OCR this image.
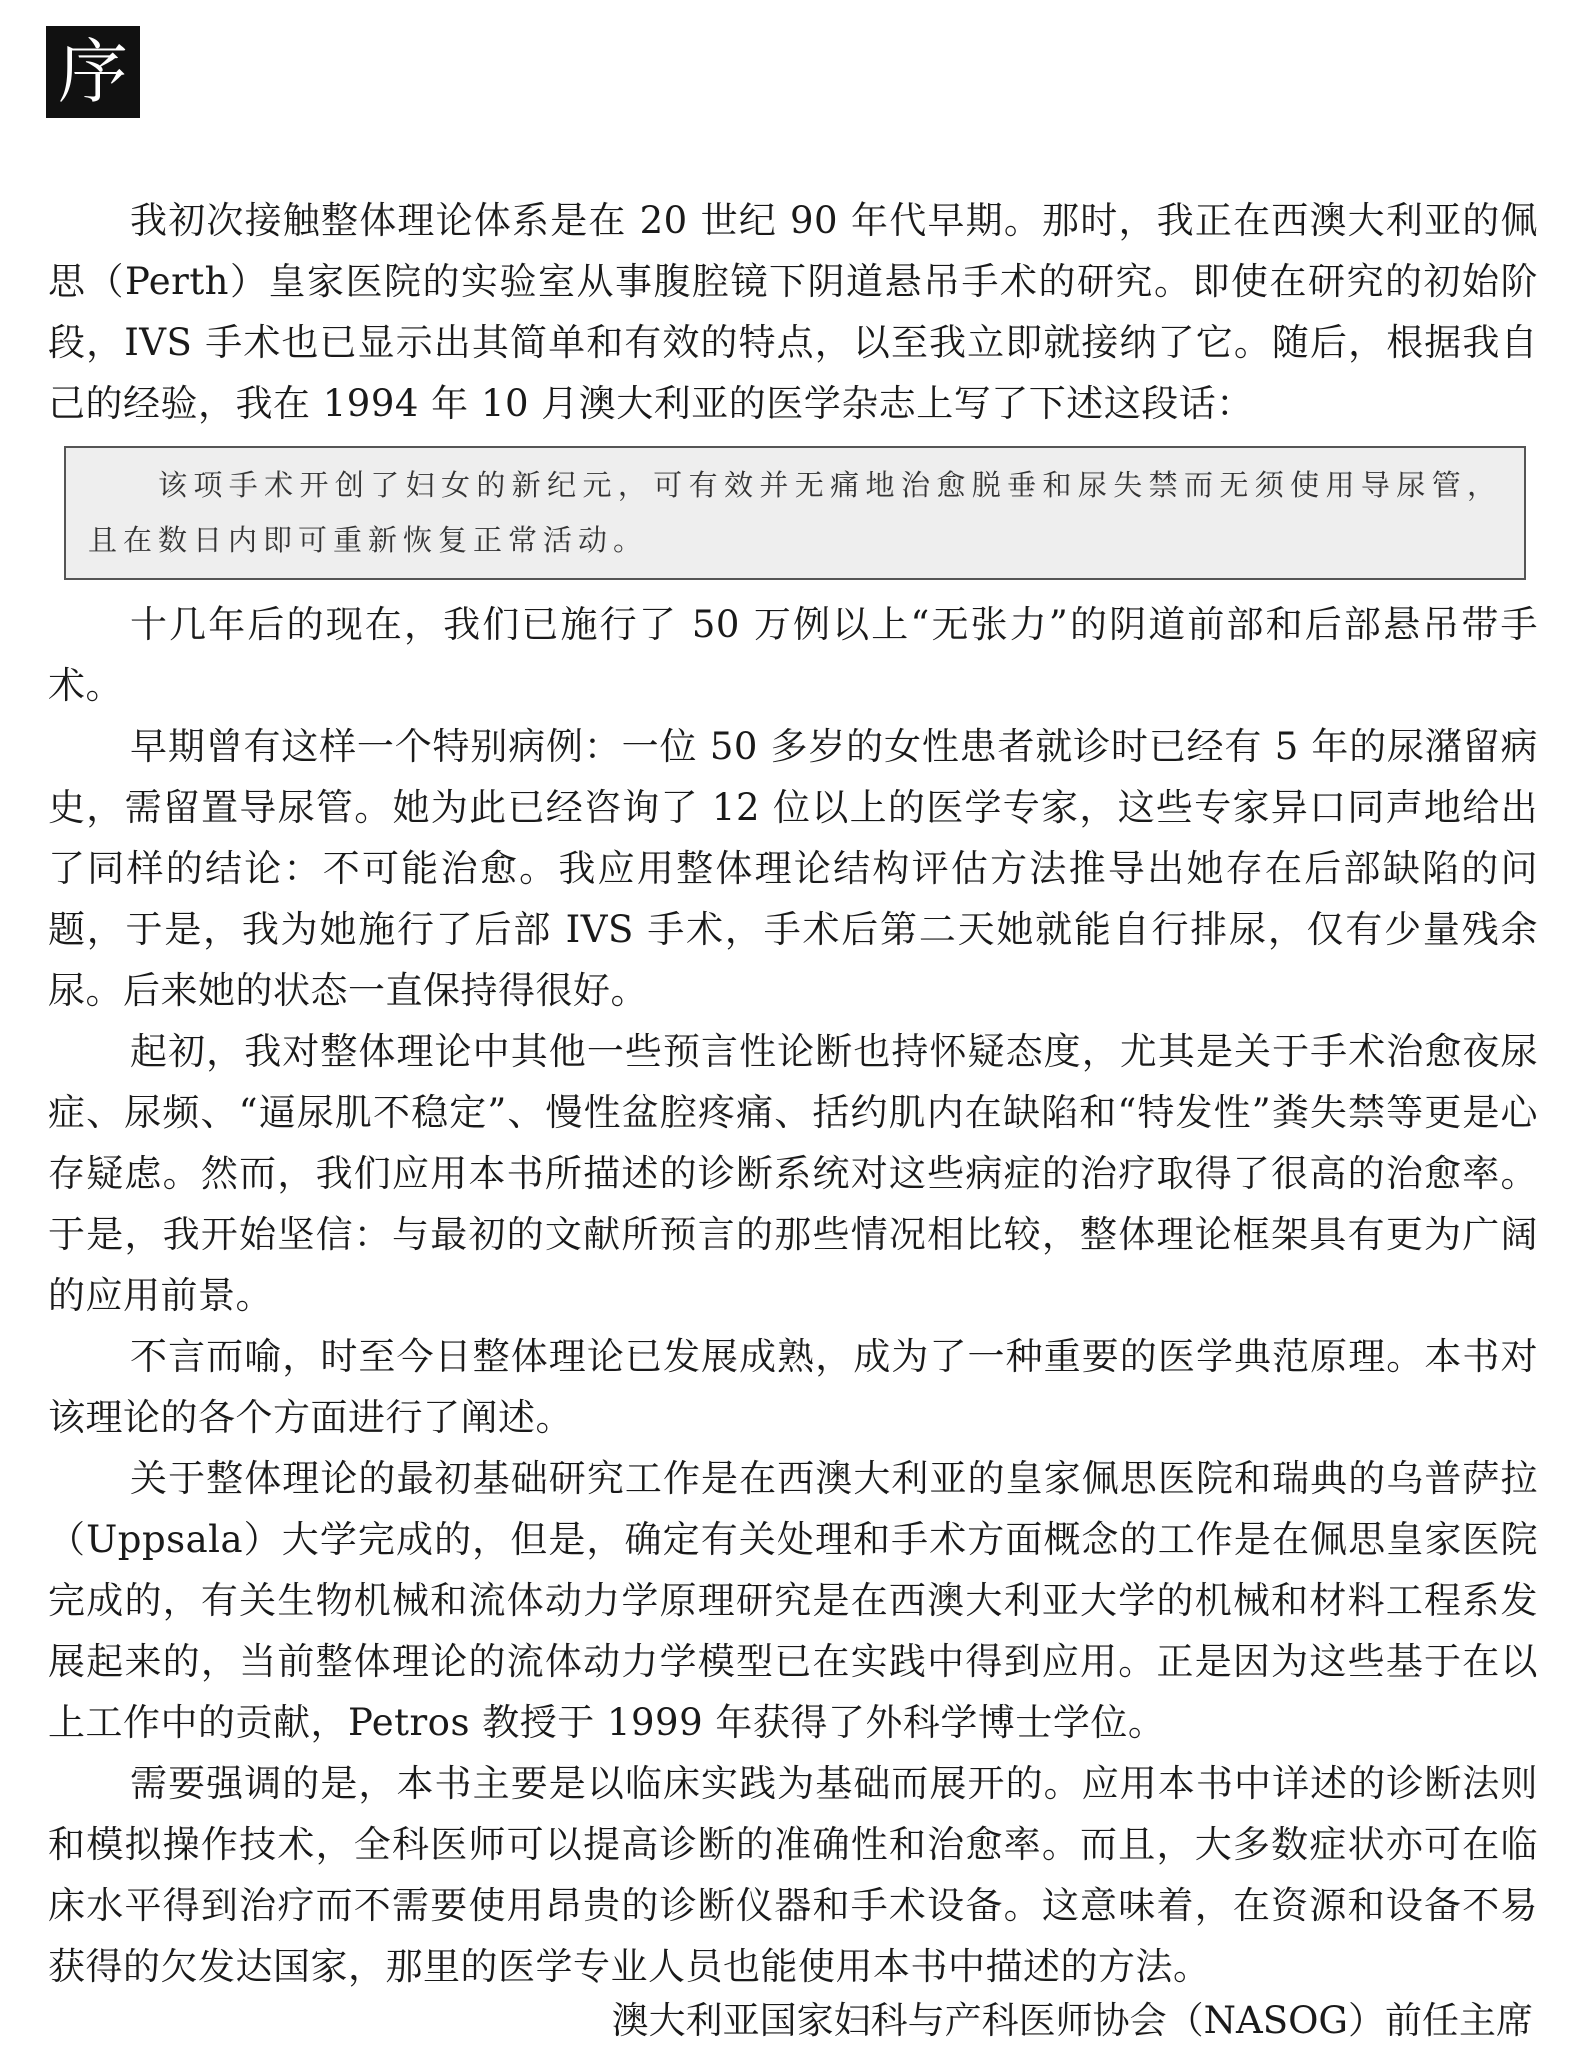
序

我初次接触整体理论体系是在 20 世纪 90 年代早期。那时，我正在西澳大利亚的佩思（Perth）皇家医院的实验室从事腹腔镜下阴道悬吊手术的研究。即使在研究的初始阶段，IVS 手术也已显示出其简单和有效的特点，以至我立即就接纳了它。随后，根据我自己的经验，我在 1994 年 10 月澳大利亚的医学杂志上写了下述这段话：

该项手术开创了妇女的新纪元，可有效并无痛地治愈脱垂和尿失禁而无须使用导尿管，且在数日内即可重新恢复正常活动。

十几年后的现在，我们已施行了 50 万例以上“无张力”的阴道前部和后部悬吊带手术。

早期曾有这样一个特别病例：一位 50 多岁的女性患者就诊时已经有 5 年的尿潴留病史，需留置导尿管。她为此已经咨询了 12 位以上的医学专家，这些专家异口同声地给出了同样的结论：不可能治愈。我应用整体理论结构评估方法推导出她存在后部缺陷的问题，于是，我为她施行了后部 IVS 手术，手术后第二天她就能自行排尿，仅有少量残余尿。后来她的状态一直保持得很好。

起初，我对整体理论中其他一些预言性论断也持怀疑态度，尤其是关于手术治愈夜尿症、尿频、“逼尿肌不稳定”、慢性盆腔疼痛、括约肌内在缺陷和“特发性”粪失禁等更是心存疑虑。然而，我们应用本书所描述的诊断系统对这些病症的治疗取得了很高的治愈率。于是，我开始坚信：与最初的文献所预言的那些情况相比较，整体理论框架具有更为广阔的应用前景。

不言而喻，时至今日整体理论已发展成熟，成为了一种重要的医学典范原理。本书对该理论的各个方面进行了阐述。

关于整体理论的最初基础研究工作是在西澳大利亚的皇家佩思医院和瑞典的乌普萨拉（Uppsala）大学完成的，但是，确定有关处理和手术方面概念的工作是在佩思皇家医院完成的，有关生物机械和流体动力学原理研究是在西澳大利亚大学的机械和材料工程系发展起来的，当前整体理论的流体动力学模型已在实践中得到应用。正是因为这些基于在以上工作中的贡献，Petros 教授于 1999 年获得了外科学博士学位。

需要强调的是，本书主要是以临床实践为基础而展开的。应用本书中详述的诊断法则和模拟操作技术，全科医师可以提高诊断的准确性和治愈率。而且，大多数症状亦可在临床水平得到治疗而不需要使用昂贵的诊断仪器和手术设备。这意味着，在资源和设备不易获得的欠发达国家，那里的医学专业人员也能使用本书中描述的方法。

澳大利亚国家妇科与产科医师协会（NASOG）前任主席
